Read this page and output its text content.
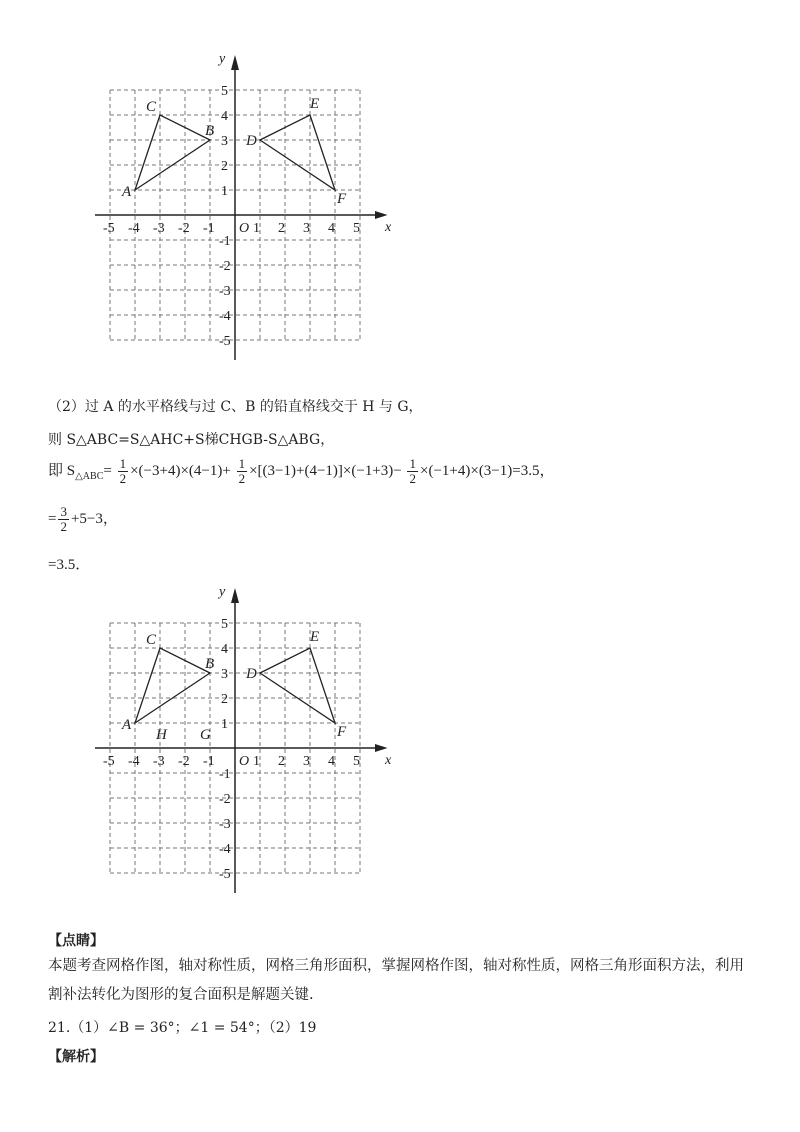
x
y
-5 -4 -3 -2 -1 O 1 2 3 4 5
5
4
3
2
1
-1
-2
-3
-4
-5
A
B
C
D
E
F
（2）过 A 的水平格线与过 C、B 的铅直格线交于 H 与 G，
则 S△ABC=S△AHC+S梯CHGB-S△ABG，
即 $S_{\triangle ABC}= \frac{1}{2} \times(-3+4)\times(4-1)+ \frac{1}{2} \times[(3-1)+(4-1)]\times(-1+3)- \frac{1}{2} \times(-1+4)\times(3-1)=3.5$，
= $\frac{3}{2} +5-3$，
=3.5．
x
y
-5 -4 -3 -2 -1 O 1 2 3 4 5
5
4
3
2
1
-1
-2
-3
-4
-5
A
B
C
D
E
F
H G
【点睛】
本题考查网格作图，轴对称性质，网格三角形面积，掌握网格作图，轴对称性质，网格三角形面积方法，利用割补法转化为图形的复合面积是解题关键.
21.（1）∠B = 36°；∠1 = 54°；（2）19
【解析】
